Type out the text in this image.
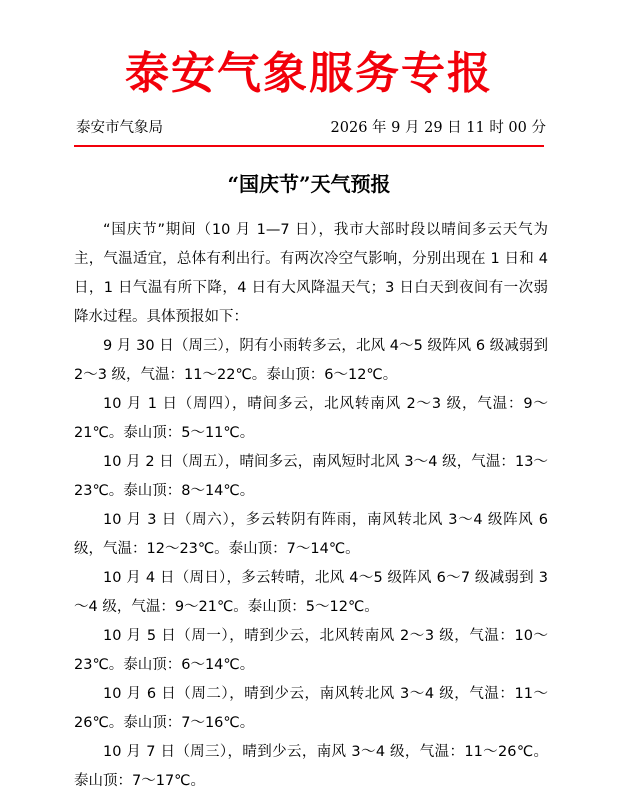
泰安气象服务专报
泰安市气象局	2026 年 9 月 29 日 11 时 00 分
“国庆节”天气预报

“国庆节”期间（10 月 1—7 日），我市大部时段以晴间多云天气为主，气温适宜，总体有利出行。有两次冷空气影响，分别出现在 1 日和 4 日，1 日气温有所下降，4 日有大风降温天气；3 日白天到夜间有一次弱降水过程。具体预报如下：

9 月 30 日（周三），阴有小雨转多云，北风 4～5 级阵风 6 级减弱到 2～3 级，气温：11～22℃。泰山顶：6～12℃。

10 月 1 日（周四），晴间多云，北风转南风 2～3 级，气温：9～21℃。泰山顶：5～11℃。

10 月 2 日（周五），晴间多云，南风短时北风 3～4 级，气温：13～23℃。泰山顶：8～14℃。

10 月 3 日（周六），多云转阴有阵雨，南风转北风 3～4 级阵风 6 级，气温：12～23℃。泰山顶：7～14℃。

10 月 4 日（周日），多云转晴，北风 4～5 级阵风 6～7 级减弱到 3～4 级，气温：9～21℃。泰山顶：5～12℃。

10 月 5 日（周一），晴到少云，北风转南风 2～3 级，气温：10～23℃。泰山顶：6～14℃。

10 月 6 日（周二），晴到少云，南风转北风 3～4 级，气温：11～26℃。泰山顶：7～16℃。

10 月 7 日（周三），晴到少云，南风 3～4 级，气温：11～26℃。泰山顶：7～17℃。
